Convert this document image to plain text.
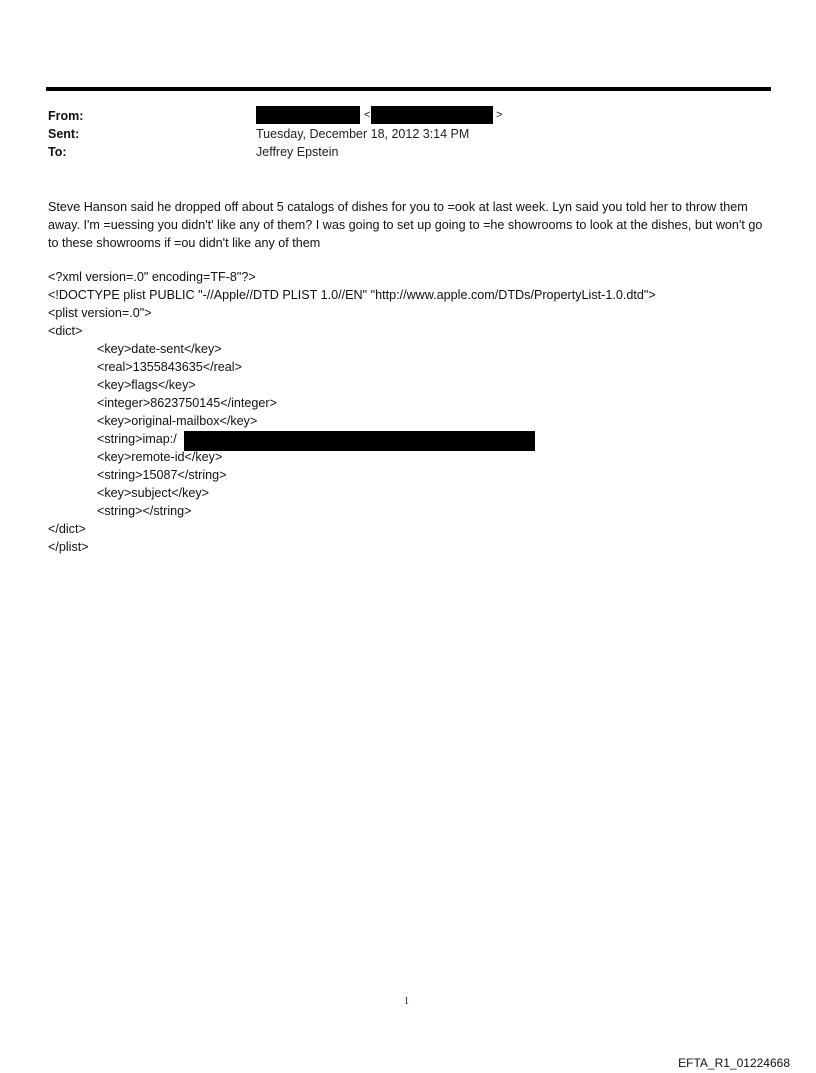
From:
Sent:
To:
<	>
Tuesday, December 18, 2012 3:14 PM
Jeffrey Epstein
Steve Hanson said he dropped off about 5 catalogs of dishes for you to =ook at last week. Lyn said you told her to throw them away. I'm =uessing you didn't' like any of them? I was going to set up going to =he showrooms to look at the dishes, but won't go to these showrooms if =ou didn't like any of them
<?xml version=.0" encoding=TF-8"?>
<!DOCTYPE plist PUBLIC "-//Apple//DTD PLIST 1.0//EN" "http://www.apple.com/DTDs/PropertyList-1.0.dtd">
<plist version=.0">
<dict>
<key>date-sent</key>
<real>1355843635</real>
<key>flags</key>
<integer>8623750145</integer>
<key>original-mailbox</key>
<string>imap:/
<key>remote-id</key>
<string>15087</string>
<key>subject</key>
<string></string>
</dict>
</plist>
1
EFTA_R1_01224668
